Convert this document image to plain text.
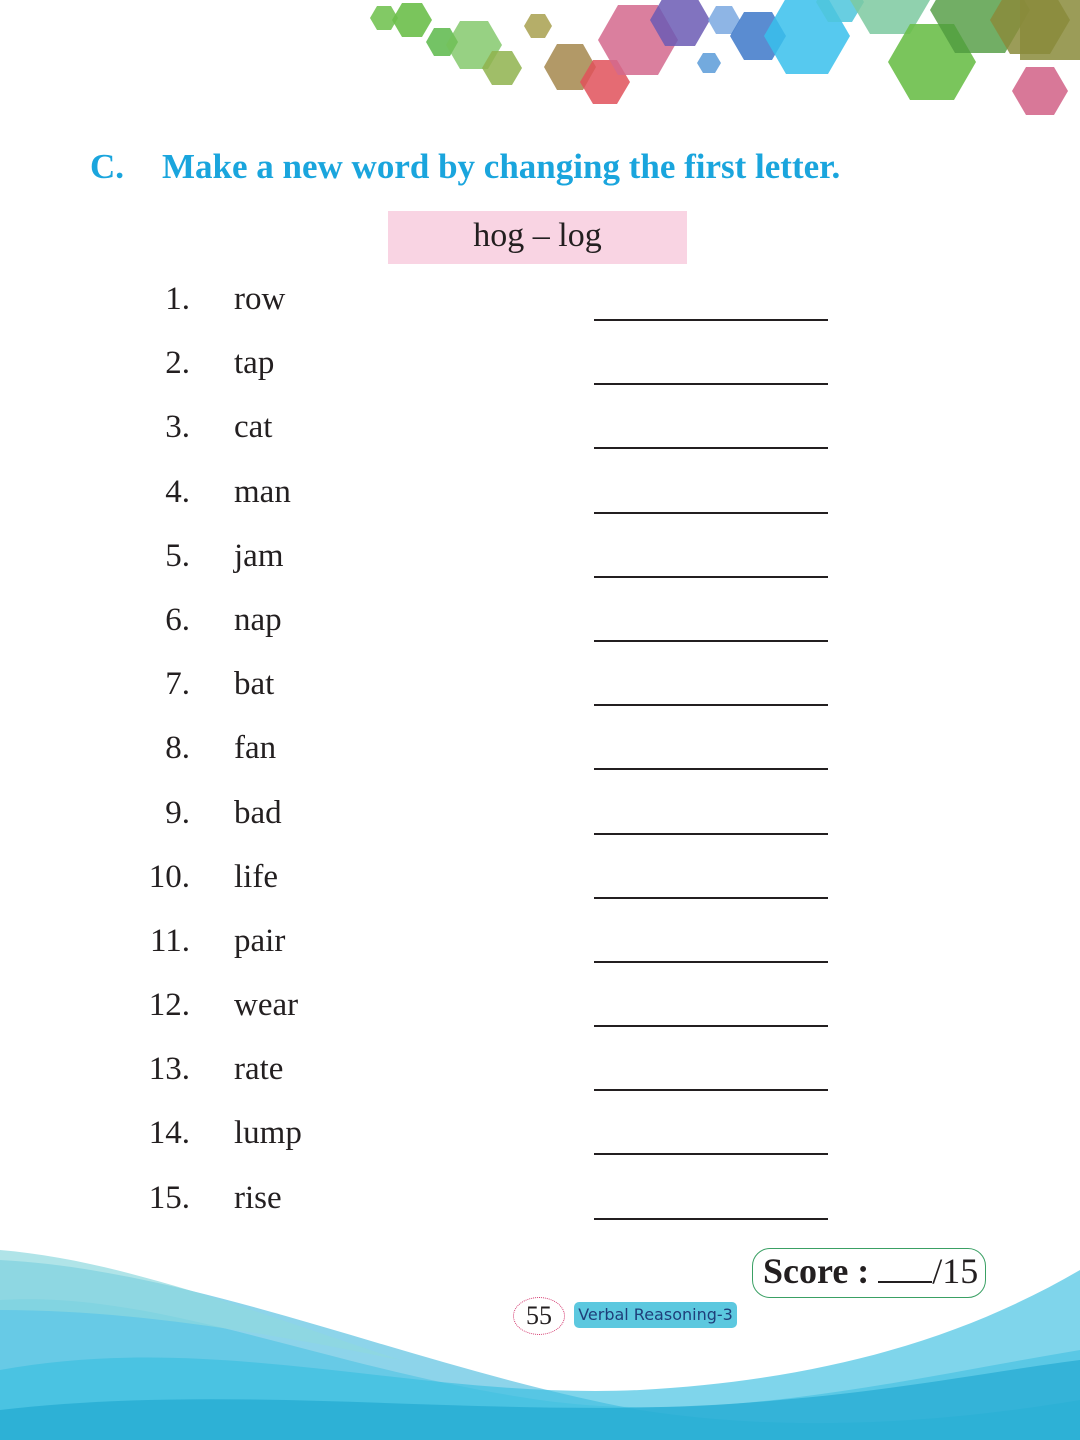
C. Make a new word by changing the first letter.
hog – log
1. row
2. tap
3. cat
4. man
5. jam
6. nap
7. bat
8. fan
9. bad
10. life
11. pair
12. wear
13. rate
14. lump
15. rise
Score : /15
55	Verbal Reasoning-3
